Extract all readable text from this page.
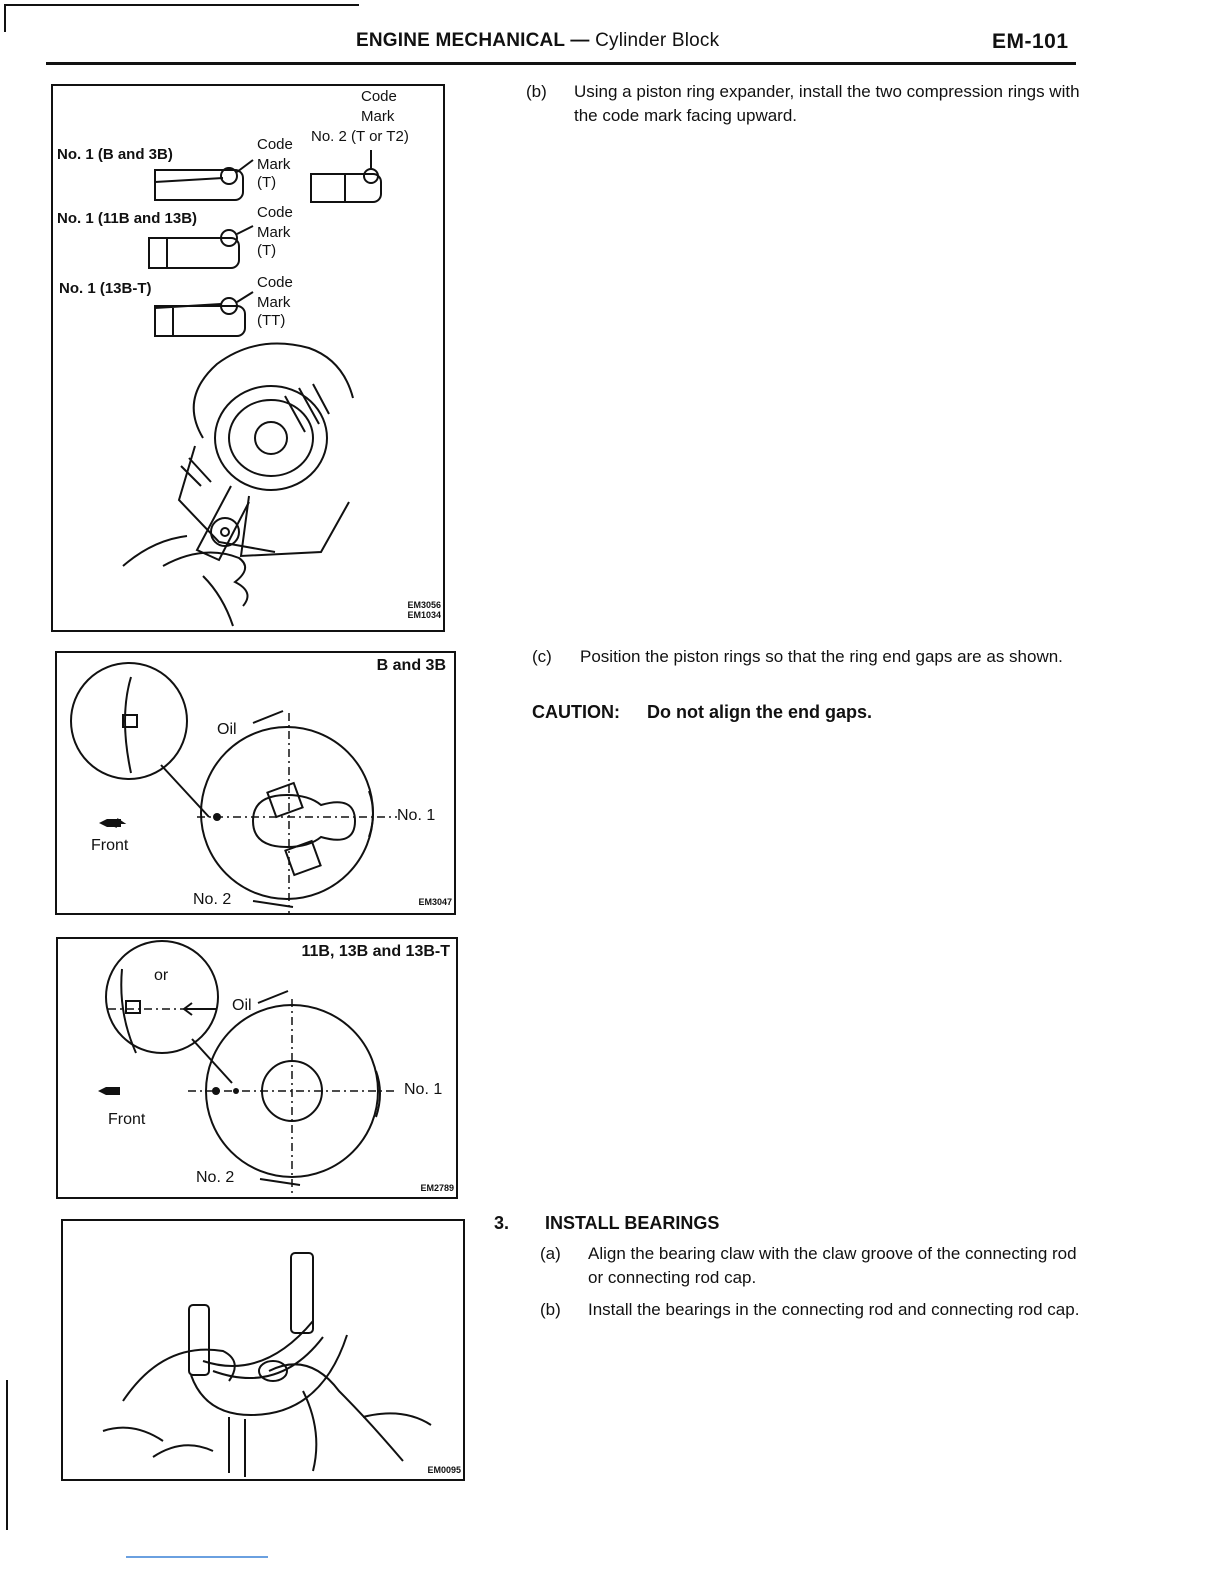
ENGINE MECHANICAL — Cylinder Block	EM-101
Code
Mark
No. 2 (T or T2)
No. 1 (B and 3B)
Code
Mark
(T)
No. 1 (11B and 13B)	Code
Mark
(T)
No. 1 (13B-T)	Code
Mark
(TT)
EM3056
EM1034
B and 3B
Oil
No. 1
No. 2
Front
EM3047
11B, 13B and 13B-T
or
Oil
No. 1
No. 2
Front
EM2789
EM0095
(b) Using a piston ring expander, install the two compression rings with the code mark facing upward.
(c) Position the piston rings so that the ring end gaps are as shown.
CAUTION: Do not align the end gaps.
3. INSTALL BEARINGS
(a) Align the bearing claw with the claw groove of the connecting rod or connecting rod cap.
(b) Install the bearings in the connecting rod and connecting rod cap.
